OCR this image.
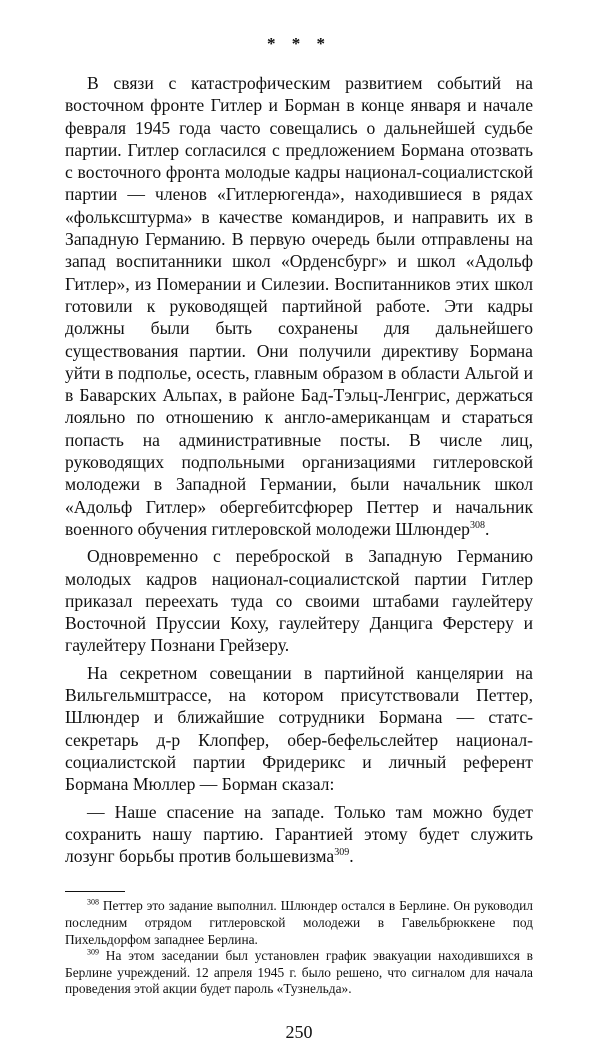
* * *

В связи с катастрофическим развитием событий на восточном фронте Гитлер и Борман в конце января и начале февраля 1945 года часто совещались о дальнейшей судьбе партии. Гитлер согласился с предложением Бормана отозвать с восточного фронта молодые кадры национал-социалистской партии — членов «Гитлерюгенда», находившиеся в рядах «фольксштурма» в качестве командиров, и направить их в Западную Германию. В первую очередь были отправлены на запад воспитанники школ «Орденсбург» и школ «Адольф Гитлер», из Померании и Силезии. Воспитанников этих школ готовили к руководящей партийной работе. Эти кадры должны были быть сохранены для дальнейшего существования партии. Они получили директиву Бормана уйти в подполье, осесть, главным образом в области Альгой и в Баварских Альпах, в районе Бад-Тэльц-Ленгрис, держаться лояльно по отношению к англо-американцам и стараться попасть на административные посты. В числе лиц, руководящих подпольными организациями гитлеровской молодежи в Западной Германии, были начальник школ «Адольф Гитлер» обергебитсфюрер Петтер и начальник военного обучения гитлеровской молодежи Шлюндер$^{308}$.

Одновременно с переброской в Западную Германию молодых кадров национал-социалистской партии Гитлер приказал переехать туда со своими штабами гаулейтеру Восточной Пруссии Коху, гаулейтеру Данцига Ферстеру и гаулейтеру Познани Грейзеру.

На секретном совещании в партийной канцелярии на Вильгельмштрассе, на котором присутствовали Петтер, Шлюндер и ближайшие сотрудники Бормана — статс-секретарь д-р Клопфер, обер-бефельслейтер национал-социалистской партии Фридерикс и личный референт Бормана Мюллер — Борман сказал:

— Наше спасение на западе. Только там можно будет сохранить нашу партию. Гарантией этому будет служить лозунг борьбы против большевизма$^{309}$.

$^{308}$ Петтер это задание выполнил. Шлюндер остался в Берлине. Он руководил последним отрядом гитлеровской молодежи в Гавельбрюккене под Пихельдорфом западнее Берлина.

$^{309}$ На этом заседании был установлен график эвакуации находившихся в Берлине учреждений. 12 апреля 1945 г. было решено, что сигналом для начала проведения этой акции будет пароль «Тузнельда».

250
